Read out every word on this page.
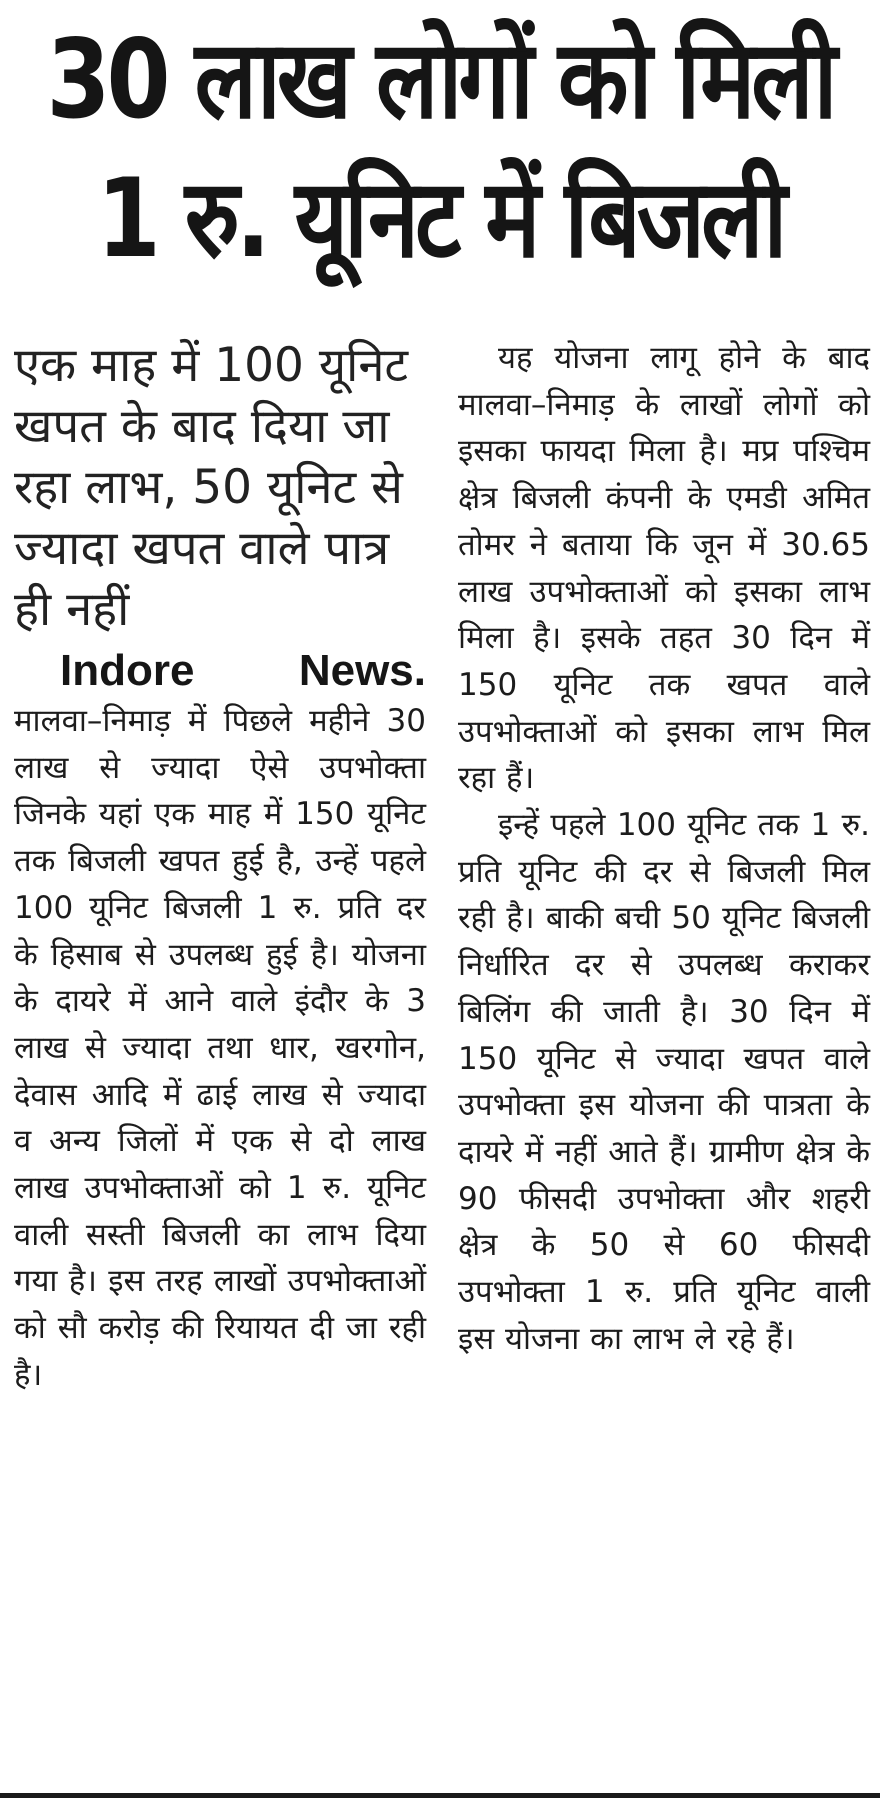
30 लाख लोगों को मिली
1 रु. यूनिट में बिजली
एक माह में 100 यूनिट खपत के बाद दिया जा रहा लाभ, 50 यूनिट से ज्यादा खपत वाले पात्र ही नहीं

Indore News.

मालवा–निमाड़ में पिछले महीने 30 लाख से ज्यादा ऐसे उपभोक्ता जिनके यहां एक माह में 150 यूनिट तक बिजली खपत हुई है, उन्हें पहले 100 यूनिट बिजली 1 रु. प्रति दर के हिसाब से उपलब्ध हुई है। योजना के दायरे में आने वाले इंदौर के 3 लाख से ज्यादा तथा धार, खरगोन, देवास आदि में ढाई लाख से ज्यादा व अन्य जिलों में एक से दो लाख लाख उपभोक्ताओं को 1 रु. यूनिट वाली सस्ती बिजली का लाभ दिया गया है। इस तरह लाखों उपभोक्ताओं को सौ करोड़ की रियायत दी जा रही है।

यह योजना लागू होने के बाद मालवा–निमाड़ के लाखों लोगों को इसका फायदा मिला है। मप्र पश्चिम क्षेत्र बिजली कंपनी के एमडी अमित तोमर ने बताया कि जून में 30.65 लाख उपभोक्ताओं को इसका लाभ मिला है। इसके तहत 30 दिन में 150 यूनिट तक खपत वाले उपभोक्ताओं को इसका लाभ मिल रहा हैं।

इन्हें पहले 100 यूनिट तक 1 रु. प्रति यूनिट की दर से बिजली मिल रही है। बाकी बची 50 यूनिट बिजली निर्धारित दर से उपलब्ध कराकर बिलिंग की जाती है। 30 दिन में 150 यूनिट से ज्यादा खपत वाले उपभोक्ता इस योजना की पात्रता के दायरे में नहीं आते हैं। ग्रामीण क्षेत्र के 90 फीसदी उपभोक्ता और शहरी क्षेत्र के 50 से 60 फीसदी उपभोक्ता 1 रु. प्रति यूनिट वाली इस योजना का लाभ ले रहे हैं।
